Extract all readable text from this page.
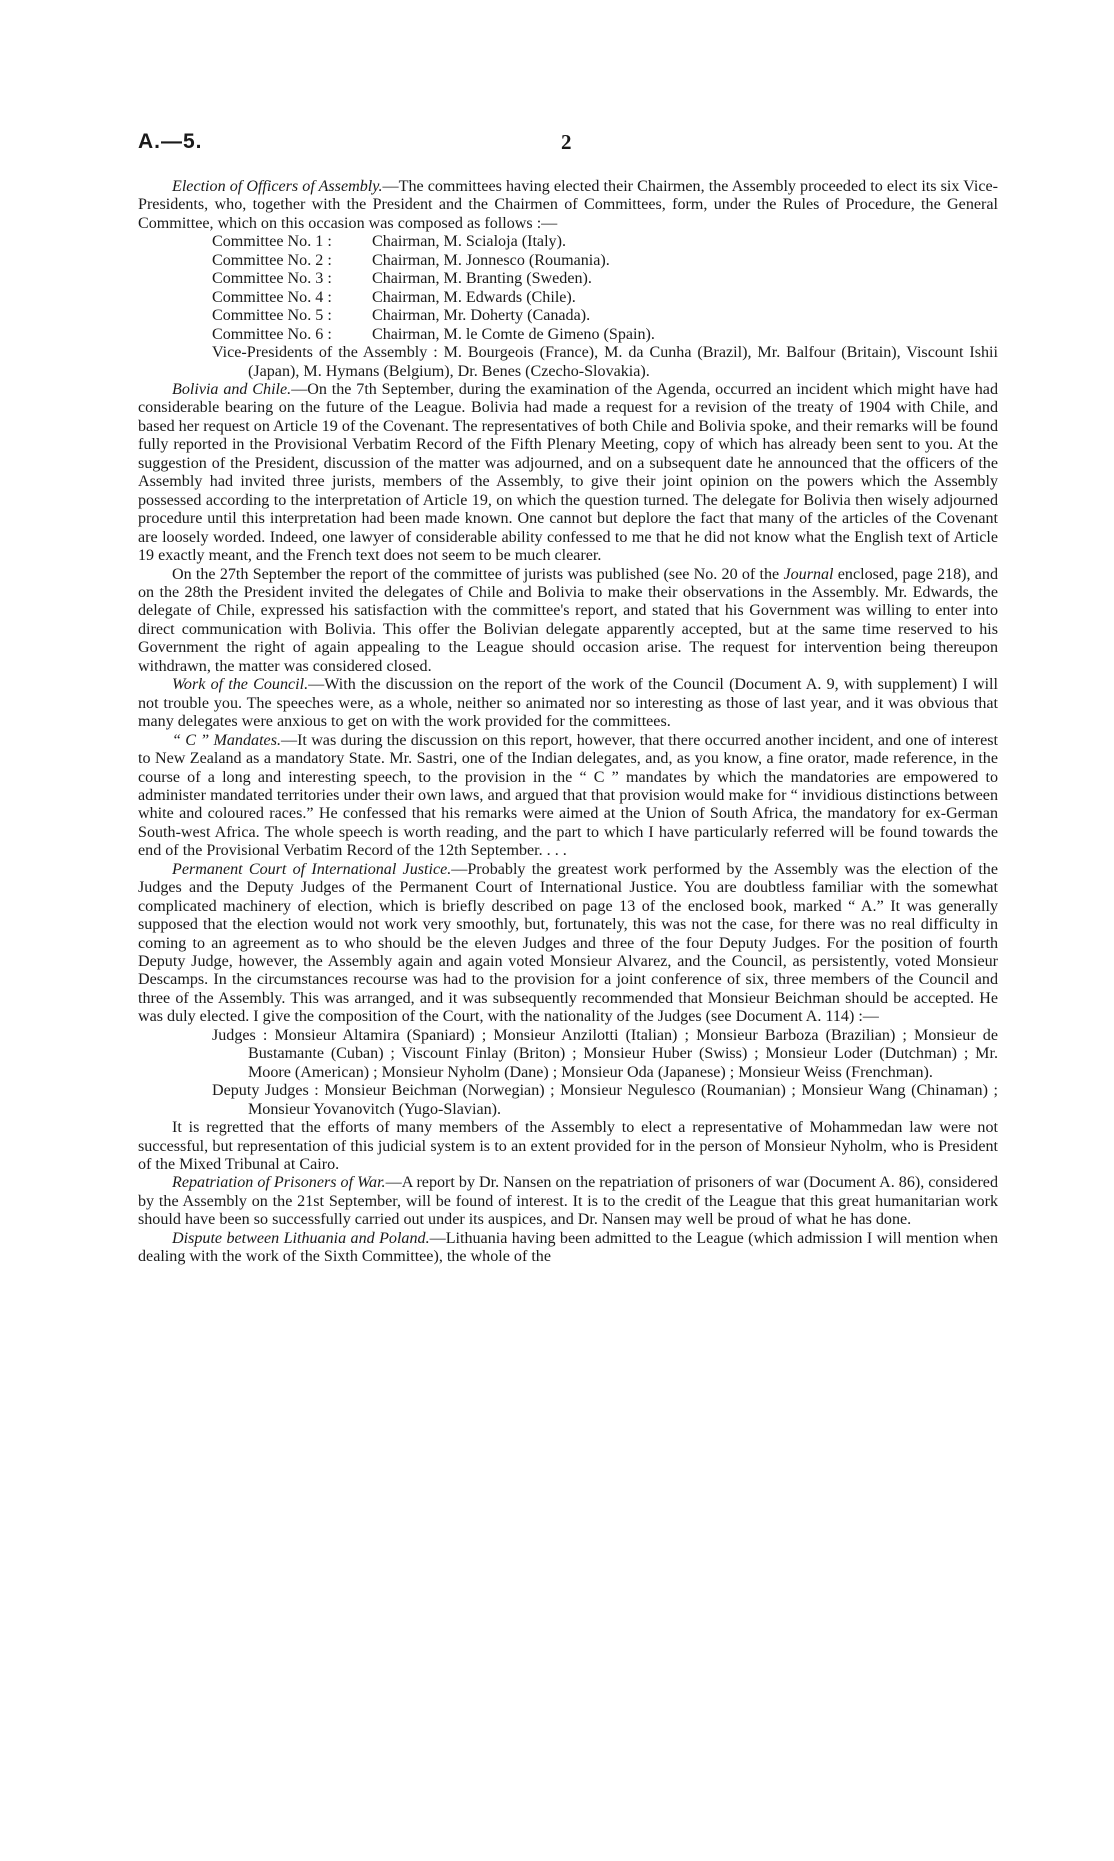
A.—5.	2

Election of Officers of Assembly.—The committees having elected their Chairmen, the Assembly proceeded to elect its six Vice-Presidents, who, together with the President and the Chairmen of Committees, form, under the Rules of Procedure, the General Committee, which on this occasion was composed as follows :—

Committee No. 1 :	Chairman, M. Scialoja (Italy).
Committee No. 2 :	Chairman, M. Jonnesco (Roumania).
Committee No. 3 :	Chairman, M. Branting (Sweden).
Committee No. 4 :	Chairman, M. Edwards (Chile).
Committee No. 5 :	Chairman, Mr. Doherty (Canada).
Committee No. 6 :	Chairman, M. le Comte de Gimeno (Spain).
Vice-Presidents of the Assembly : M. Bourgeois (France), M. da Cunha (Brazil), Mr. Balfour (Britain), Viscount Ishii (Japan), M. Hymans (Belgium), Dr. Benes (Czecho-Slovakia).

Bolivia and Chile.—On the 7th September, during the examination of the Agenda, occurred an incident which might have had considerable bearing on the future of the League. Bolivia had made a request for a revision of the treaty of 1904 with Chile, and based her request on Article 19 of the Covenant. The representatives of both Chile and Bolivia spoke, and their remarks will be found fully reported in the Provisional Verbatim Record of the Fifth Plenary Meeting, copy of which has already been sent to you. At the suggestion of the President, discussion of the matter was adjourned, and on a subsequent date he announced that the officers of the Assembly had invited three jurists, members of the Assembly, to give their joint opinion on the powers which the Assembly possessed according to the interpretation of Article 19, on which the question turned. The delegate for Bolivia then wisely adjourned procedure until this interpretation had been made known. One cannot but deplore the fact that many of the articles of the Covenant are loosely worded. Indeed, one lawyer of considerable ability confessed to me that he did not know what the English text of Article 19 exactly meant, and the French text does not seem to be much clearer.

On the 27th September the report of the committee of jurists was published (see No. 20 of the Journal enclosed, page 218), and on the 28th the President invited the delegates of Chile and Bolivia to make their observations in the Assembly. Mr. Edwards, the delegate of Chile, expressed his satisfaction with the committee's report, and stated that his Government was willing to enter into direct communication with Bolivia. This offer the Bolivian delegate apparently accepted, but at the same time reserved to his Government the right of again appealing to the League should occasion arise. The request for intervention being thereupon withdrawn, the matter was considered closed.

Work of the Council.—With the discussion on the report of the work of the Council (Document A. 9, with supplement) I will not trouble you. The speeches were, as a whole, neither so animated nor so interesting as those of last year, and it was obvious that many delegates were anxious to get on with the work provided for the committees.

“ C ” Mandates.—It was during the discussion on this report, however, that there occurred another incident, and one of interest to New Zealand as a mandatory State. Mr. Sastri, one of the Indian delegates, and, as you know, a fine orator, made reference, in the course of a long and interesting speech, to the provision in the “ C ” mandates by which the mandatories are empowered to administer mandated territories under their own laws, and argued that that provision would make for “ invidious distinctions between white and coloured races.” He confessed that his remarks were aimed at the Union of South Africa, the mandatory for ex-German South-west Africa. The whole speech is worth reading, and the part to which I have particularly referred will be found towards the end of the Provisional Verbatim Record of the 12th September. . . .

Permanent Court of International Justice.—Probably the greatest work performed by the Assembly was the election of the Judges and the Deputy Judges of the Permanent Court of International Justice. You are doubtless familiar with the somewhat complicated machinery of election, which is briefly described on page 13 of the enclosed book, marked “ A.” It was generally supposed that the election would not work very smoothly, but, fortunately, this was not the case, for there was no real difficulty in coming to an agreement as to who should be the eleven Judges and three of the four Deputy Judges. For the position of fourth Deputy Judge, however, the Assembly again and again voted Monsieur Alvarez, and the Council, as persistently, voted Monsieur Descamps. In the circumstances recourse was had to the provision for a joint conference of six, three members of the Council and three of the Assembly. This was arranged, and it was subsequently recommended that Monsieur Beichman should be accepted. He was duly elected. I give the composition of the Court, with the nationality of the Judges (see Document A. 114) :—

Judges : Monsieur Altamira (Spaniard) ; Monsieur Anzilotti (Italian) ; Monsieur Barboza (Brazilian) ; Monsieur de Bustamante (Cuban) ; Viscount Finlay (Briton) ; Monsieur Huber (Swiss) ; Monsieur Loder (Dutchman) ; Mr. Moore (American) ; Monsieur Nyholm (Dane) ; Monsieur Oda (Japanese) ; Monsieur Weiss (Frenchman).
Deputy Judges : Monsieur Beichman (Norwegian) ; Monsieur Negulesco (Roumanian) ; Monsieur Wang (Chinaman) ; Monsieur Yovanovitch (Yugo-Slavian).

It is regretted that the efforts of many members of the Assembly to elect a representative of Mohammedan law were not successful, but representation of this judicial system is to an extent provided for in the person of Monsieur Nyholm, who is President of the Mixed Tribunal at Cairo.

Repatriation of Prisoners of War.—A report by Dr. Nansen on the repatriation of prisoners of war (Document A. 86), considered by the Assembly on the 21st September, will be found of interest. It is to the credit of the League that this great humanitarian work should have been so successfully carried out under its auspices, and Dr. Nansen may well be proud of what he has done.

Dispute between Lithuania and Poland.—Lithuania having been admitted to the League (which admission I will mention when dealing with the work of the Sixth Committee), the whole of the
